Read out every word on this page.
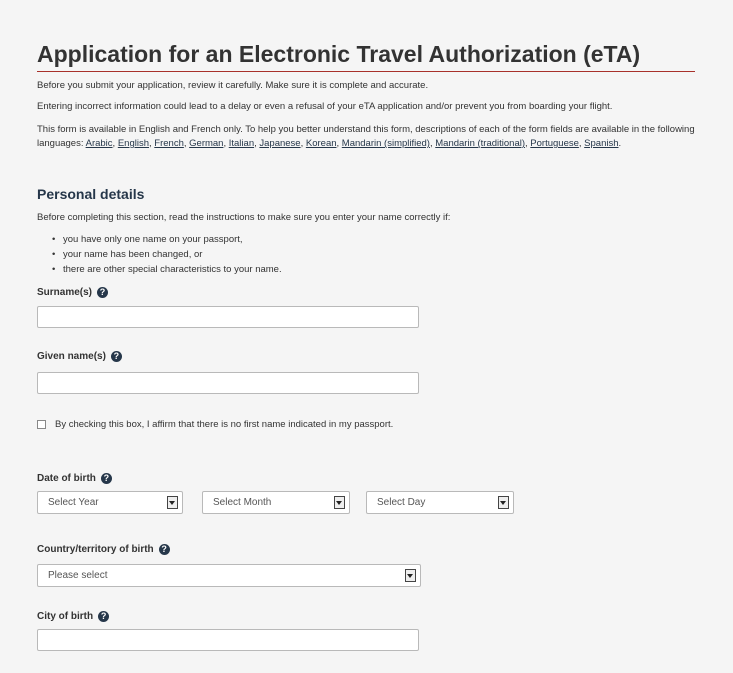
Application for an Electronic Travel Authorization (eTA)

Before you submit your application, review it carefully. Make sure it is complete and accurate.

Entering incorrect information could lead to a delay or even a refusal of your eTA application and/or prevent you from boarding your flight.

This form is available in English and French only. To help you better understand this form, descriptions of each of the form fields are available in the following languages: Arabic, English, French, German, Italian, Japanese, Korean, Mandarin (simplified), Mandarin (traditional), Portuguese, Spanish.

Personal details

Before completing this section, read the instructions to make sure you enter your name correctly if:

• you have only one name on your passport,
• your name has been changed, or
• there are other special characteristics to your name.
Surname(s) ?
Given name(s) ?
By checking this box, I affirm that there is no first name indicated in my passport.
Date of birth ?
Select Year	Select Month	Select Day
Country/territory of birth ?
Please select
City of birth ?
